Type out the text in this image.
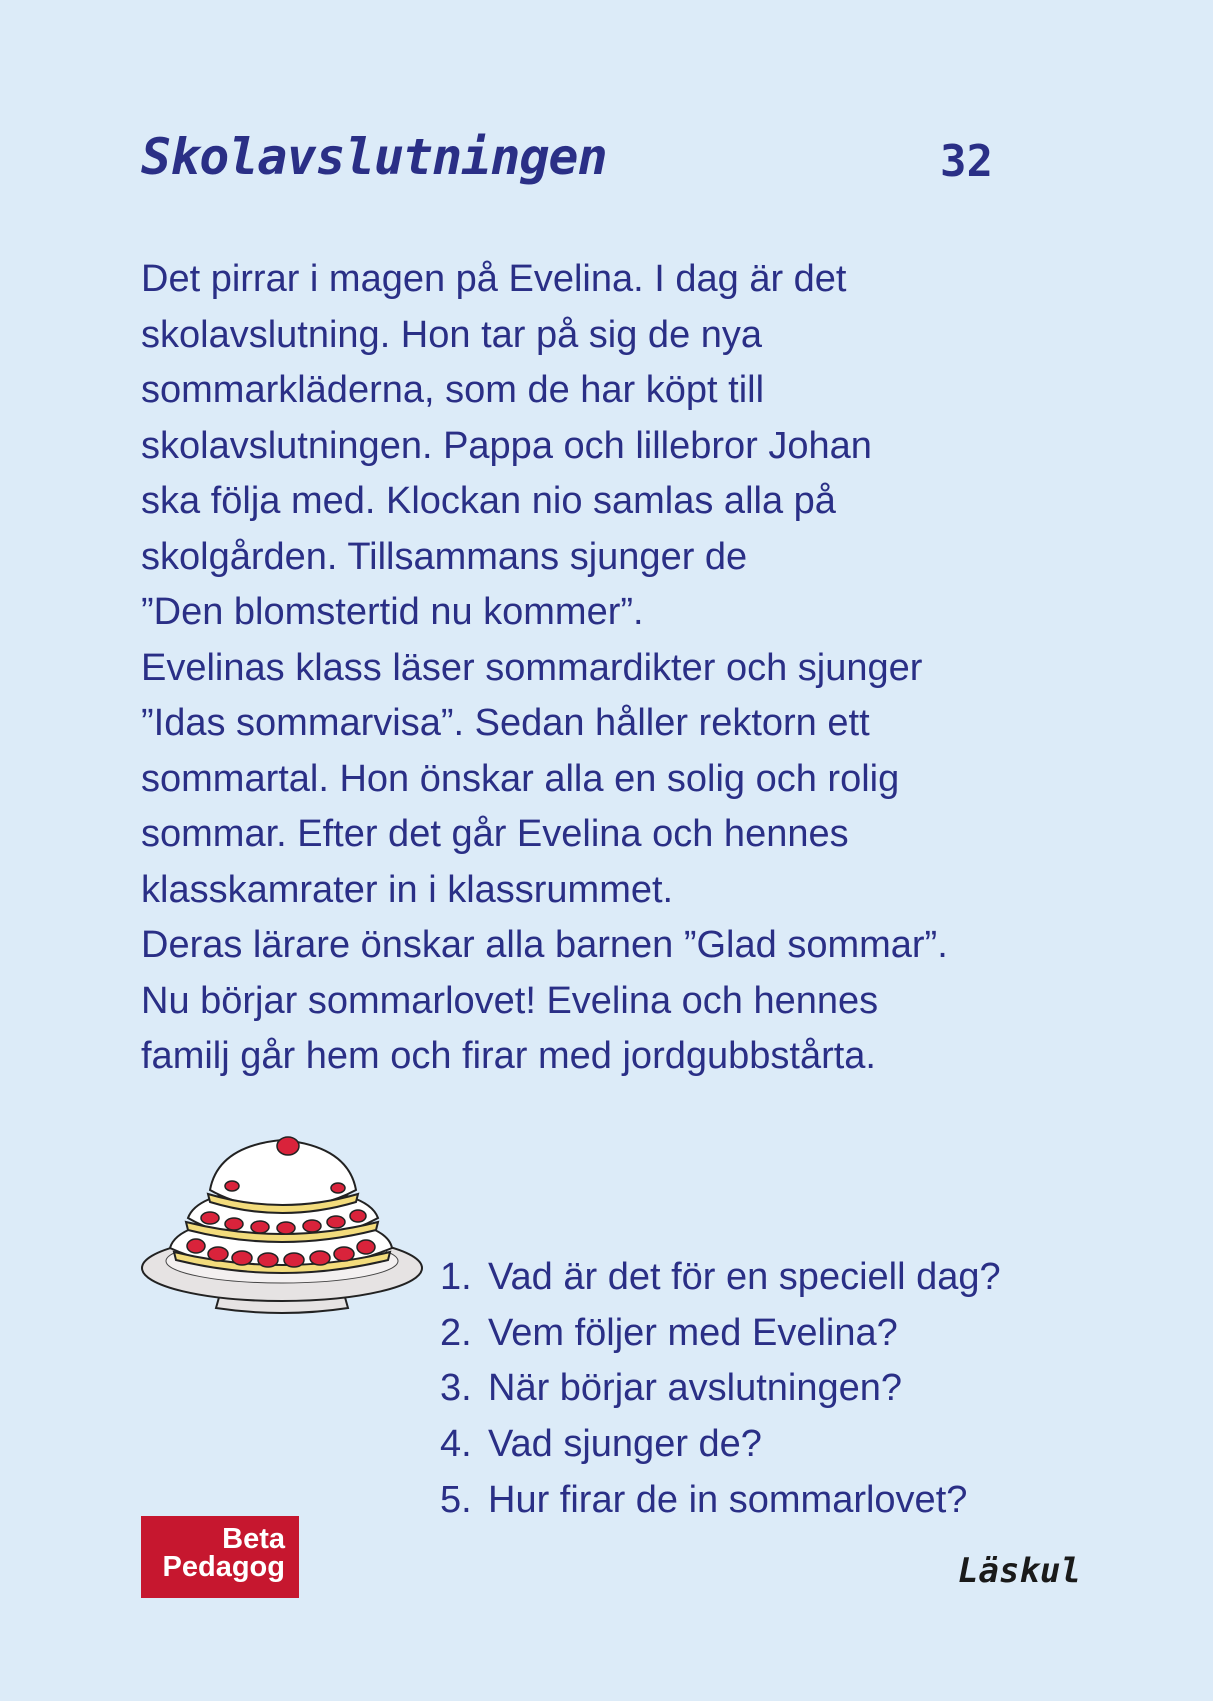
Skolavslutningen	32

Det pirrar i magen på Evelina. I dag är det

skolavslutning. Hon tar på sig de nya

sommarkläderna, som de har köpt till

skolavslutningen. Pappa och lillebror Johan

ska följa med. Klockan nio samlas alla på

skolgården. Tillsammans sjunger de

”Den blomstertid nu kommer”.

Evelinas klass läser sommardikter och sjunger

”Idas sommarvisa”. Sedan håller rektorn ett

sommartal. Hon önskar alla en solig och rolig

sommar. Efter det går Evelina och hennes

klasskamrater in i klassrummet.

Deras lärare önskar alla barnen ”Glad sommar”.

Nu börjar sommarlovet! Evelina och hennes

familj går hem och firar med jordgubbstårta.

1. Vad är det för en speciell dag?
2. Vem följer med Evelina?
3. När börjar avslutningen?
4. Vad sjunger de?
5. Hur firar de in sommarlovet?
Beta
Pedagog	Läskul
